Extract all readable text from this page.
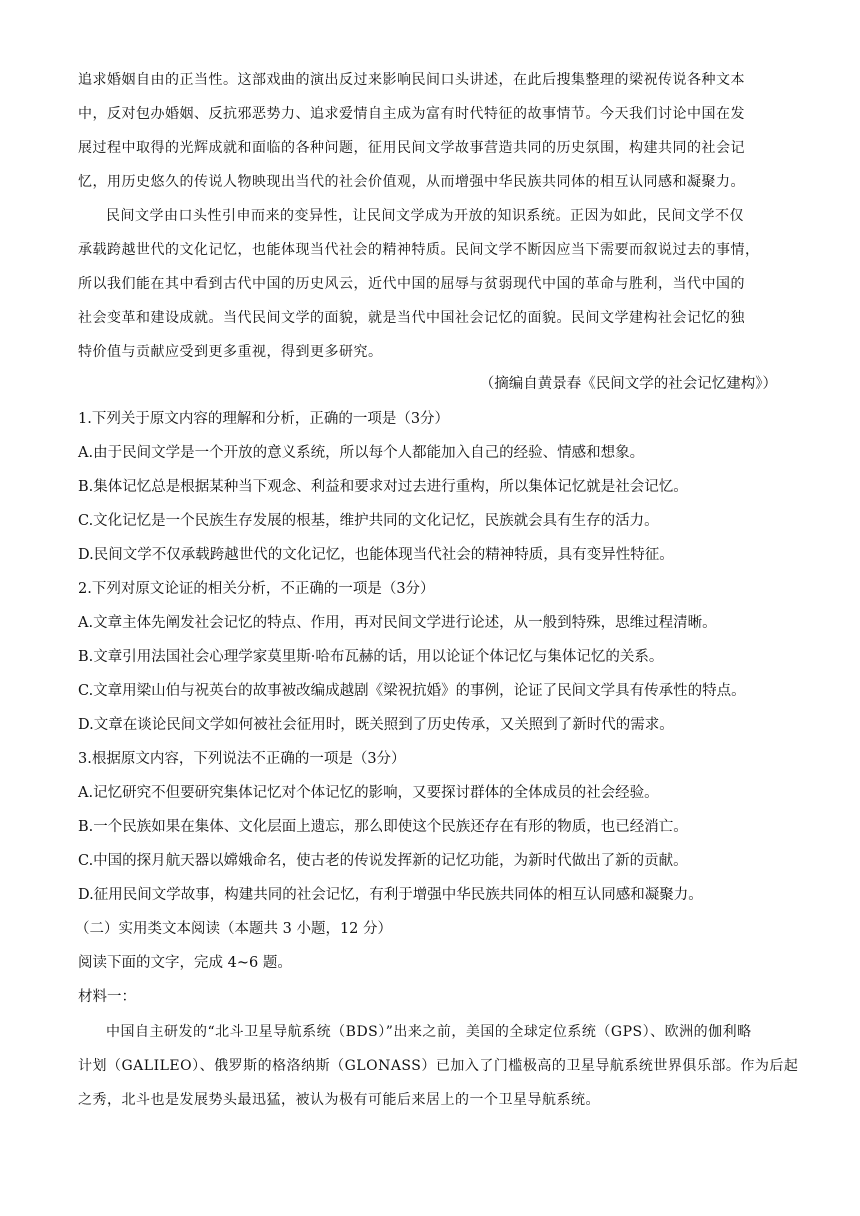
追求婚姻自由的正当性。这部戏曲的演出反过来影响民间口头讲述，在此后搜集整理的梁祝传说各种文本
中，反对包办婚姻、反抗邪恶势力、追求爱情自主成为富有时代特征的故事情节。今天我们讨论中国在发
展过程中取得的光辉成就和面临的各种问题，征用民间文学故事营造共同的历史氛围，构建共同的社会记
忆，用历史悠久的传说人物映现出当代的社会价值观，从而增强中华民族共同体的相互认同感和凝聚力。
民间文学由口头性引申而来的变异性，让民间文学成为开放的知识系统。正因为如此，民间文学不仅
承载跨越世代的文化记忆，也能体现当代社会的精神特质。民间文学不断因应当下需要而叙说过去的事情，
所以我们能在其中看到古代中国的历史风云，近代中国的屈辱与贫弱现代中国的革命与胜利，当代中国的
社会变革和建设成就。当代民间文学的面貌，就是当代中国社会记忆的面貌。民间文学建构社会记忆的独
特价值与贡献应受到更多重视，得到更多研究。
（摘编自黄景春《民间文学的社会记忆建构》）
1.下列关于原文内容的理解和分析，正确的一项是（3分）
A.由于民间文学是一个开放的意义系统，所以每个人都能加入自己的经验、情感和想象。
B.集体记忆总是根据某种当下观念、利益和要求对过去进行重构，所以集体记忆就是社会记忆。
C.文化记忆是一个民族生存发展的根基，维护共同的文化记忆，民族就会具有生存的活力。
D.民间文学不仅承载跨越世代的文化记忆，也能体现当代社会的精神特质，具有变异性特征。
2.下列对原文论证的相关分析，不正确的一项是（3分）
A.文章主体先阐发社会记忆的特点、作用，再对民间文学进行论述，从一般到特殊，思维过程清晰。
B.文章引用法国社会心理学家莫里斯·哈布瓦赫的话，用以论证个体记忆与集体记忆的关系。
C.文章用梁山伯与祝英台的故事被改编成越剧《梁祝抗婚》的事例，论证了民间文学具有传承性的特点。
D.文章在谈论民间文学如何被社会征用时，既关照到了历史传承，又关照到了新时代的需求。
3.根据原文内容，下列说法不正确的一项是（3分）
A.记忆研究不但要研究集体记忆对个体记忆的影响，又要探讨群体的全体成员的社会经验。
B.一个民族如果在集体、文化层面上遗忘，那么即使这个民族还存在有形的物质，也已经消亡。
C.中国的探月航天器以嫦娥命名，使古老的传说发挥新的记忆功能，为新时代做出了新的贡献。
D.征用民间文学故事，构建共同的社会记忆，有利于增强中华民族共同体的相互认同感和凝聚力。
（二）实用类文本阅读（本题共 3 小题，12 分）
阅读下面的文字，完成 4~6 题。
材料一：
中国自主研发的“北斗卫星导航系统（BDS）”出来之前，美国的全球定位系统（GPS）、欧洲的伽利略
计划（GALILEO）、俄罗斯的格洛纳斯（GLONASS）已加入了门槛极高的卫星导航系统世界俱乐部。作为后起
之秀，北斗也是发展势头最迅猛，被认为极有可能后来居上的一个卫星导航系统。
